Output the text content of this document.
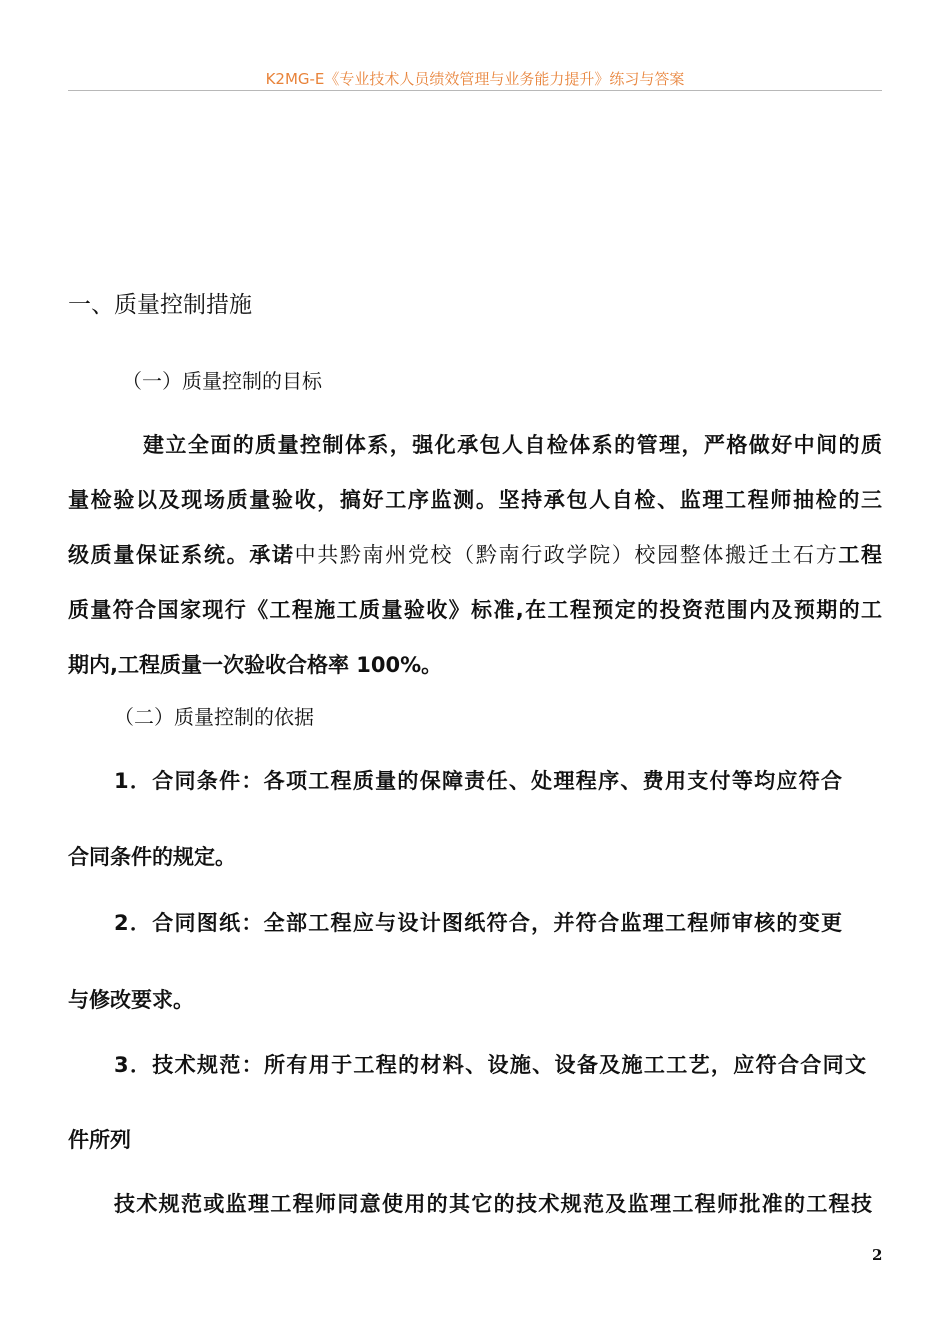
K2MG-E《专业技术人员绩效管理与业务能力提升》练习与答案
一、质量控制措施
（一）质量控制的目标
建立全面的质量控制体系，强化承包人自检体系的管理，严格做好中间的质
量检验以及现场质量验收，搞好工序监测。坚持承包人自检、监理工程师抽检的三
级质量保证系统。承诺中共黔南州党校（黔南行政学院）校园整体搬迁土石方工程
质量符合国家现行《工程施工质量验收》标准,在工程预定的投资范围内及预期的工
期内,工程质量一次验收合格率 100%。
（二）质量控制的依据
1．合同条件：各项工程质量的保障责任、处理程序、费用支付等均应符合
合同条件的规定。
2．合同图纸：全部工程应与设计图纸符合，并符合监理工程师审核的变更
与修改要求。
3．技术规范：所有用于工程的材料、设施、设备及施工工艺，应符合合同文
件所列
技术规范或监理工程师同意使用的其它的技术规范及监理工程师批准的工程技
2
